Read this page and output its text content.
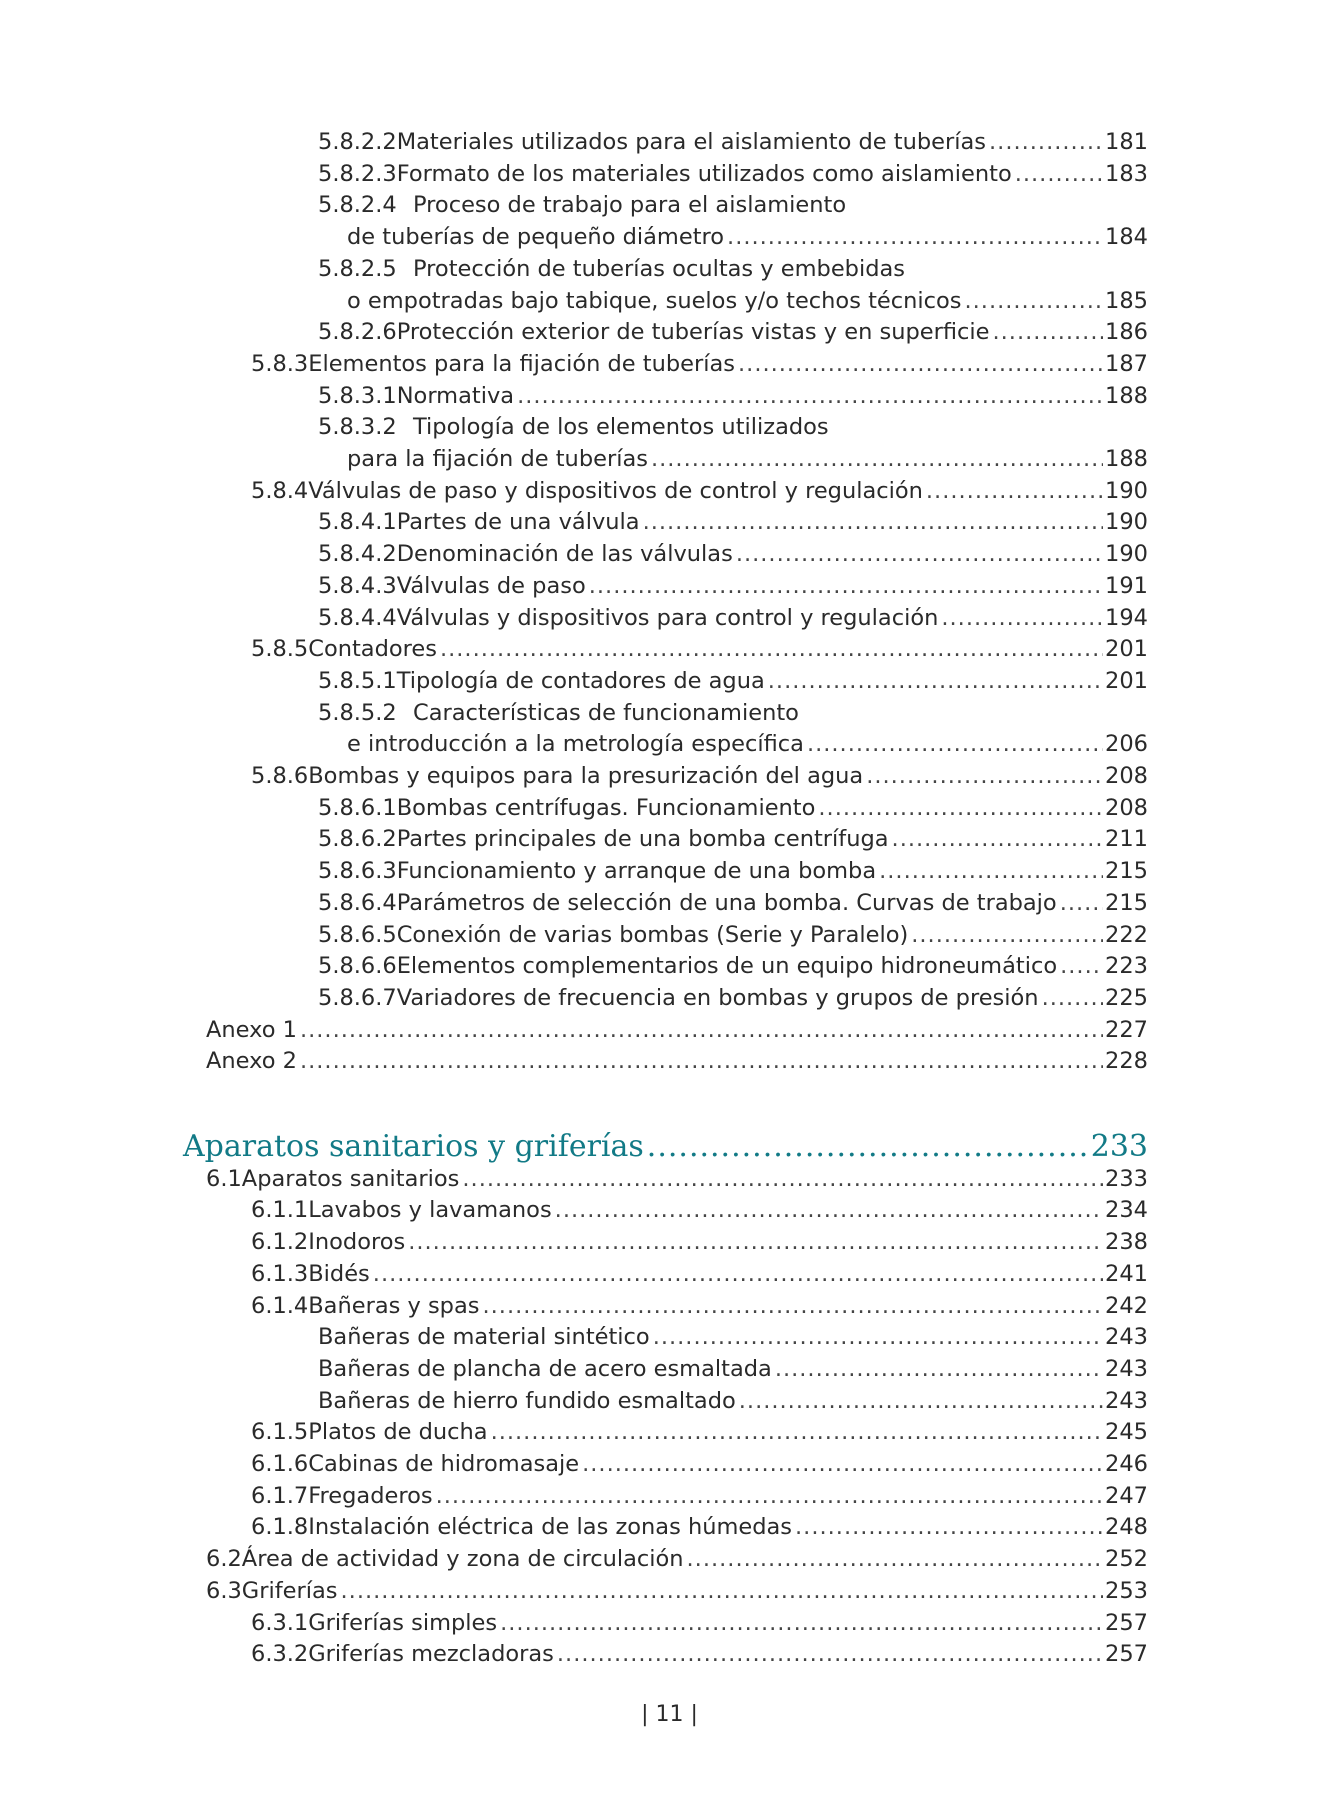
5.8.2.2 Materiales utilizados para el aislamiento de tuberías .....	181
5.8.2.3 Formato de los materiales utilizados como aislamiento .....	183
5.8.2.4 Proceso de trabajo para el aislamiento
de tuberías de pequeño diámetro .....	184
5.8.2.5 Protección de tuberías ocultas y embebidas
o empotradas bajo tabique, suelos y/o techos técnicos .....	185
5.8.2.6 Protección exterior de tuberías vistas y en superficie .....	186
5.8.3 Elementos para la fijación de tuberías .....	187
5.8.3.1 Normativa .....	188
5.8.3.2 Tipología de los elementos utilizados
para la fijación de tuberías .....	188
5.8.4 Válvulas de paso y dispositivos de control y regulación .....	190
5.8.4.1 Partes de una válvula .....	190
5.8.4.2 Denominación de las válvulas .....	190
5.8.4.3 Válvulas de paso .....	191
5.8.4.4 Válvulas y dispositivos para control y regulación .....	194
5.8.5 Contadores .....	201
5.8.5.1 Tipología de contadores de agua .....	201
5.8.5.2 Características de funcionamiento
e introducción a la metrología específica .....	206
5.8.6 Bombas y equipos para la presurización del agua .....	208
5.8.6.1 Bombas centrífugas. Funcionamiento .....	208
5.8.6.2 Partes principales de una bomba centrífuga .....	211
5.8.6.3 Funcionamiento y arranque de una bomba .....	215
5.8.6.4 Parámetros de selección de una bomba. Curvas de trabajo ..... 215
5.8.6.5 Conexión de varias bombas (Serie y Paralelo) .....	222
5.8.6.6 Elementos complementarios de un equipo hidroneumático ..... 223
5.8.6.7 Variadores de frecuencia en bombas y grupos de presión .....	225
Anexo 1 .....	227
Anexo 2 .....	228
Aparatos sanitarios y griferías .....	233
6.1 Aparatos sanitarios .....	233
6.1.1 Lavabos y lavamanos .....	234
6.1.2 Inodoros .....	238
6.1.3 Bidés .....	241
6.1.4 Bañeras y spas .....	242
Bañeras de material sintético .....	243
Bañeras de plancha de acero esmaltada .....	243
Bañeras de hierro fundido esmaltado .....	243
6.1.5 Platos de ducha .....	245
6.1.6 Cabinas de hidromasaje .....	246
6.1.7 Fregaderos .....	247
6.1.8 Instalación eléctrica de las zonas húmedas .....	248
6.2 Área de actividad y zona de circulación .....	252
6.3 Griferías .....	253
6.3.1 Griferías simples .....	257
6.3.2 Griferías mezcladoras .....	257
| 11 |
